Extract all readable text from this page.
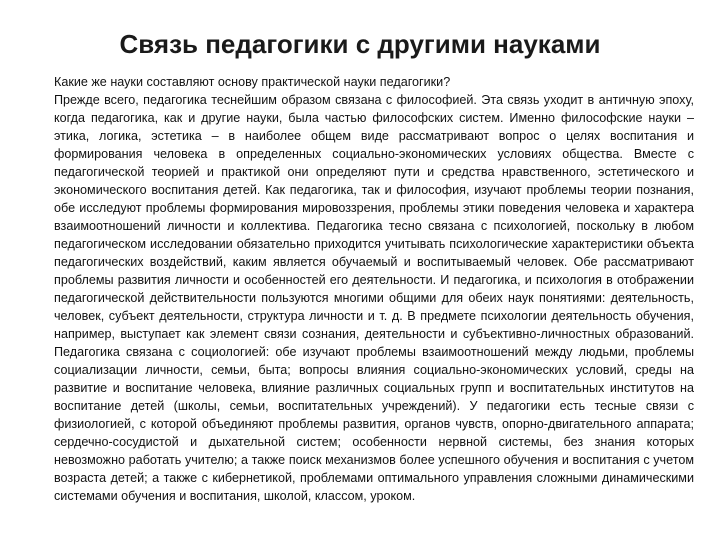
Связь педагогики с другими науками

Какие же науки составляют основу практической науки педагогики?

Прежде всего, педагогика теснейшим образом связана с философией. Эта связь уходит в античную эпоху, когда педагогика, как и другие науки, была частью философских систем. Именно философские науки – этика, логика, эстетика – в наиболее общем виде рассматривают вопрос о целях воспитания и формирования человека в определенных социально-экономических условиях общества. Вместе с педагогической теорией и практикой они определяют пути и средства нравственного, эстетического и экономического воспитания детей. Как педагогика, так и философия, изучают проблемы теории познания, обе исследуют проблемы формирования мировоззрения, проблемы этики поведения человека и характера взаимоотношений личности и коллектива. Педагогика тесно связана с психологией, поскольку в любом педагогическом исследовании обязательно приходится учитывать психологические характеристики объекта педагогических воздействий, каким является обучаемый и воспитываемый человек. Обе рассматривают проблемы развития личности и особенностей его деятельности. И педагогика, и психология в отображении педагогической действительности пользуются многими общими для обеих наук понятиями: деятельность, человек, субъект деятельности, структура личности и т. д. В предмете психологии деятельность обучения, например, выступает как элемент связи сознания, деятельности и субъективно-личностных образований. Педагогика связана с социологией: обе изучают проблемы взаимоотношений между людьми, проблемы социализации личности, семьи, быта; вопросы влияния социально-экономических условий, среды на развитие и воспитание человека, влияние различных социальных групп и воспитательных институтов на воспитание детей (школы, семьи, воспитательных учреждений). У педагогики есть тесные связи с физиологией, с которой объединяют проблемы развития, органов чувств, опорно-двигательного аппарата; сердечно-сосудистой и дыхательной систем; особенности нервной системы, без знания которых невозможно работать учителю; а также поиск механизмов более успешного обучения и воспитания с учетом возраста детей; а также с кибернетикой, проблемами оптимального управления сложными динамическими системами обучения и воспитания, школой, классом, уроком.
